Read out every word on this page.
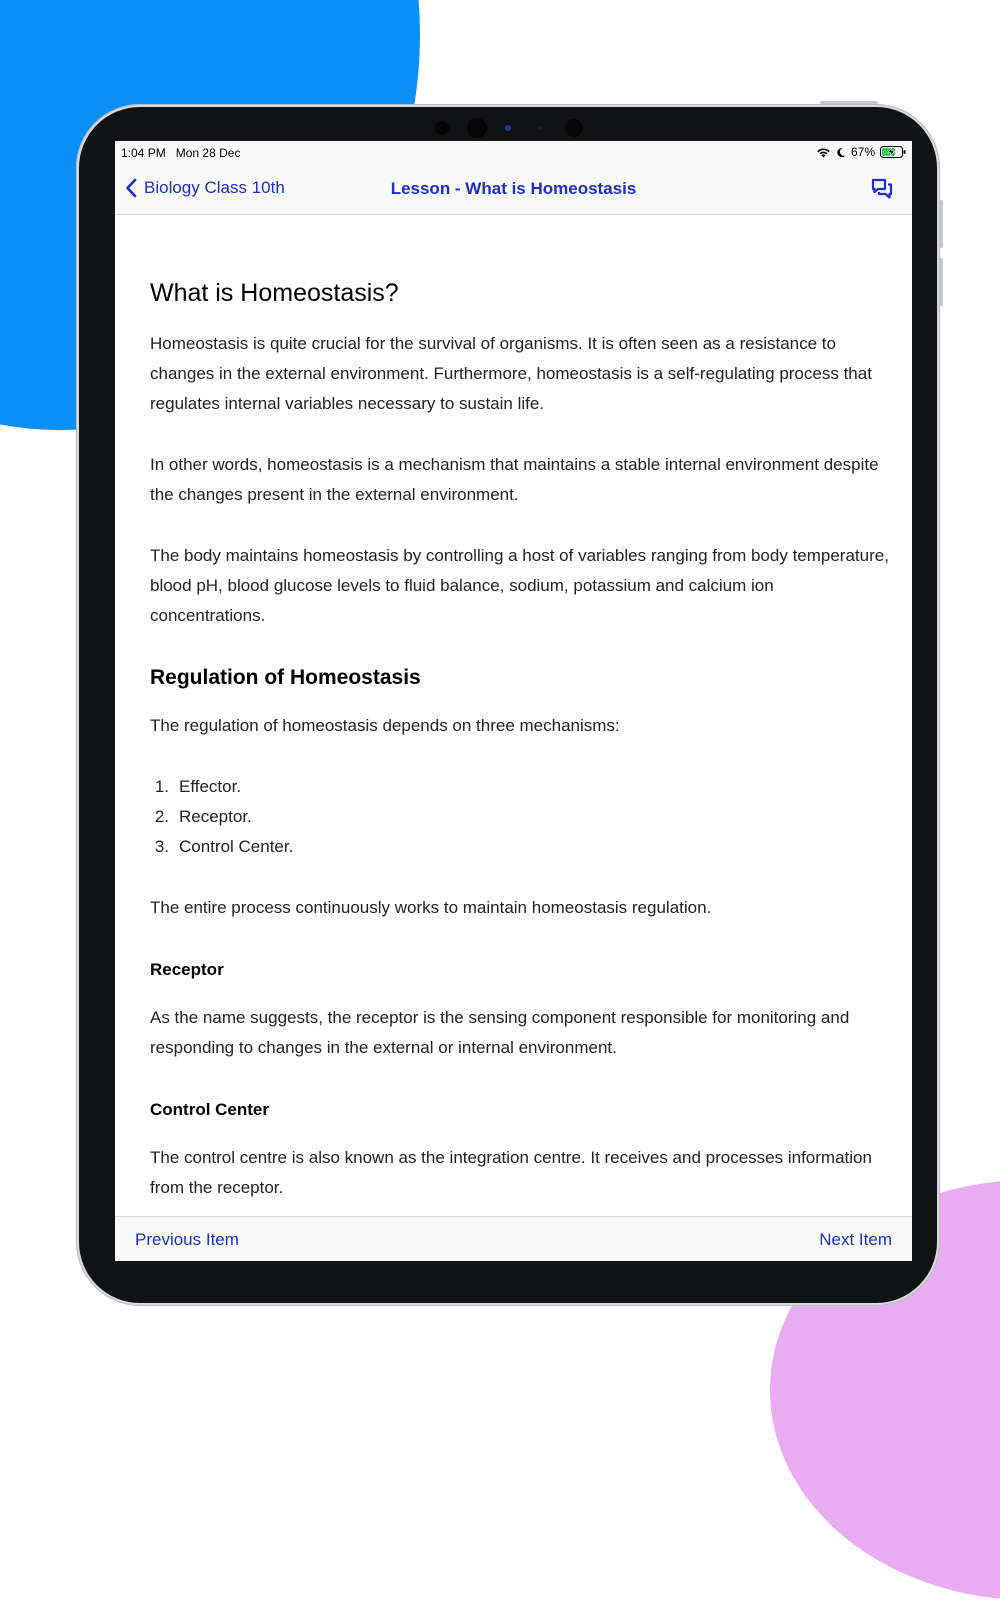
1:04 PM Mon 28 Dec	67%
Biology Class 10th	Lesson - What is Homeostasis
What is Homeostasis?

Homeostasis is quite crucial for the survival of organisms. It is often seen as a resistance to changes in the external environment. Furthermore, homeostasis is a self-regulating process that regulates internal variables necessary to sustain life.

In other words, homeostasis is a mechanism that maintains a stable internal environment despite the changes present in the external environment.

The body maintains homeostasis by controlling a host of variables ranging from body temperature, blood pH, blood glucose levels to fluid balance, sodium, potassium and calcium ion concentrations.

Regulation of Homeostasis

The regulation of homeostasis depends on three mechanisms:

1. Effector.
2. Receptor.
3. Control Center.

The entire process continuously works to maintain homeostasis regulation.

Receptor

As the name suggests, the receptor is the sensing component responsible for monitoring and responding to changes in the external or internal environment.

Control Center

The control centre is also known as the integration centre. It receives and processes information from the receptor.

Previous Item	Next Item
